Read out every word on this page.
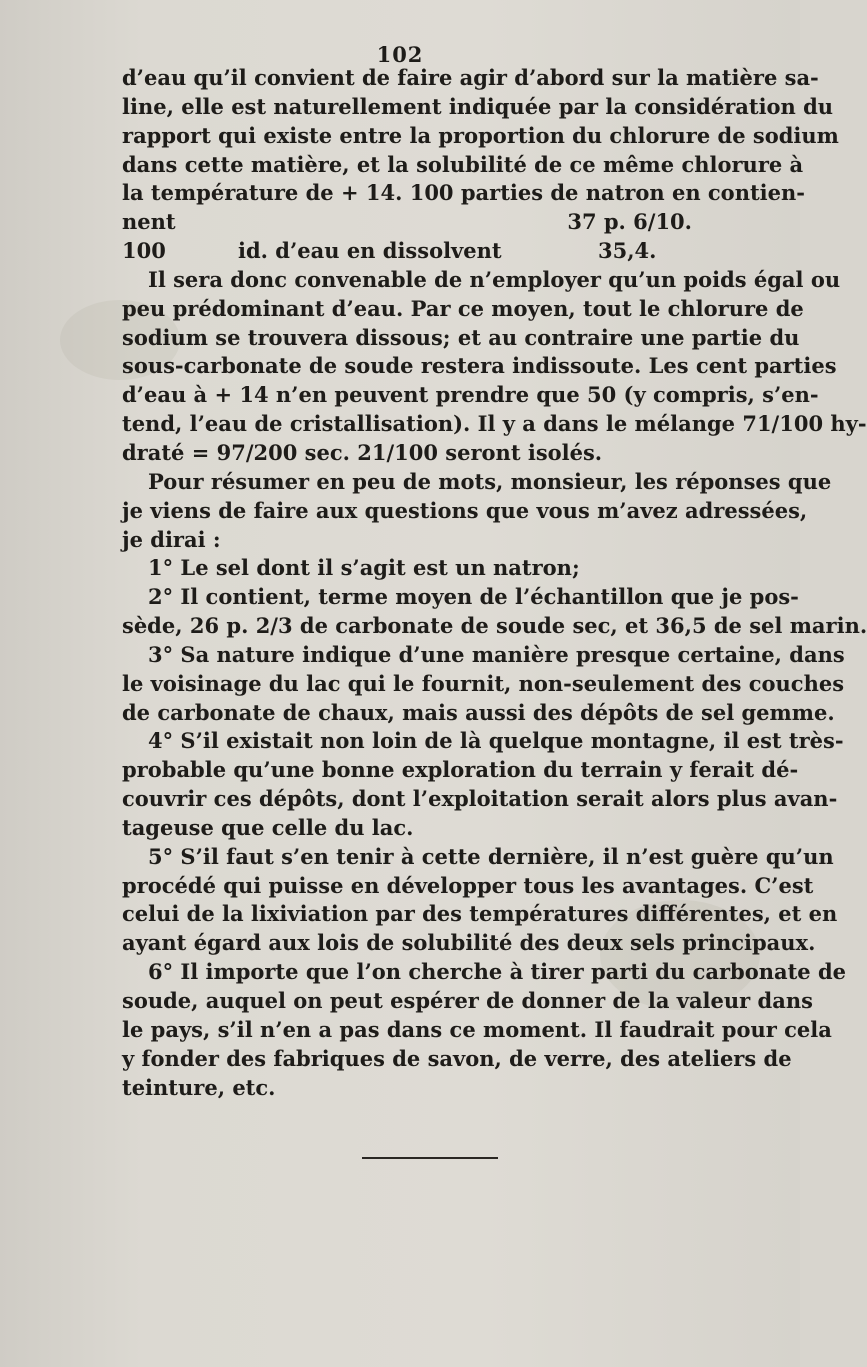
102
d’eau qu’il convient de faire agir d’abord sur la matière sa-
line, elle est naturellement indiquée par la considération du
rapport qui existe entre la proportion du chlorure de sodium
dans cette matière, et la solubilité de ce même chlorure à
la température de + 14. 100 parties de natron en contien-
nent	37 p. 6/10.
100	id. d’eau en dissolvent	35,4.
Il sera donc convenable de n’employer qu’un poids égal ou
peu prédominant d’eau. Par ce moyen, tout le chlorure de
sodium se trouvera dissous; et au contraire une partie du
sous-carbonate de soude restera indissoute. Les cent parties
d’eau à + 14 n’en peuvent prendre que 50 (y compris, s’en-
tend, l’eau de cristallisation). Il y a dans le mélange 71/100 hy-
draté = 97/200 sec. 21/100 seront isolés.
Pour résumer en peu de mots, monsieur, les réponses que
je viens de faire aux questions que vous m’avez adressées,
je dirai :
1° Le sel dont il s’agit est un natron;
2° Il contient, terme moyen de l’échantillon que je pos-
sède, 26 p. 2/3 de carbonate de soude sec, et 36,5 de sel marin.
3° Sa nature indique d’une manière presque certaine, dans
le voisinage du lac qui le fournit, non-seulement des couches
de carbonate de chaux, mais aussi des dépôts de sel gemme.
4° S’il existait non loin de là quelque montagne, il est très-
probable qu’une bonne exploration du terrain y ferait dé-
couvrir ces dépôts, dont l’exploitation serait alors plus avan-
tageuse que celle du lac.
5° S’il faut s’en tenir à cette dernière, il n’est guère qu’un
procédé qui puisse en développer tous les avantages. C’est
celui de la lixiviation par des températures différentes, et en
ayant égard aux lois de solubilité des deux sels principaux.
6° Il importe que l’on cherche à tirer parti du carbonate de
soude, auquel on peut espérer de donner de la valeur dans
le pays, s’il n’en a pas dans ce moment. Il faudrait pour cela
y fonder des fabriques de savon, de verre, des ateliers de
teinture, etc.
